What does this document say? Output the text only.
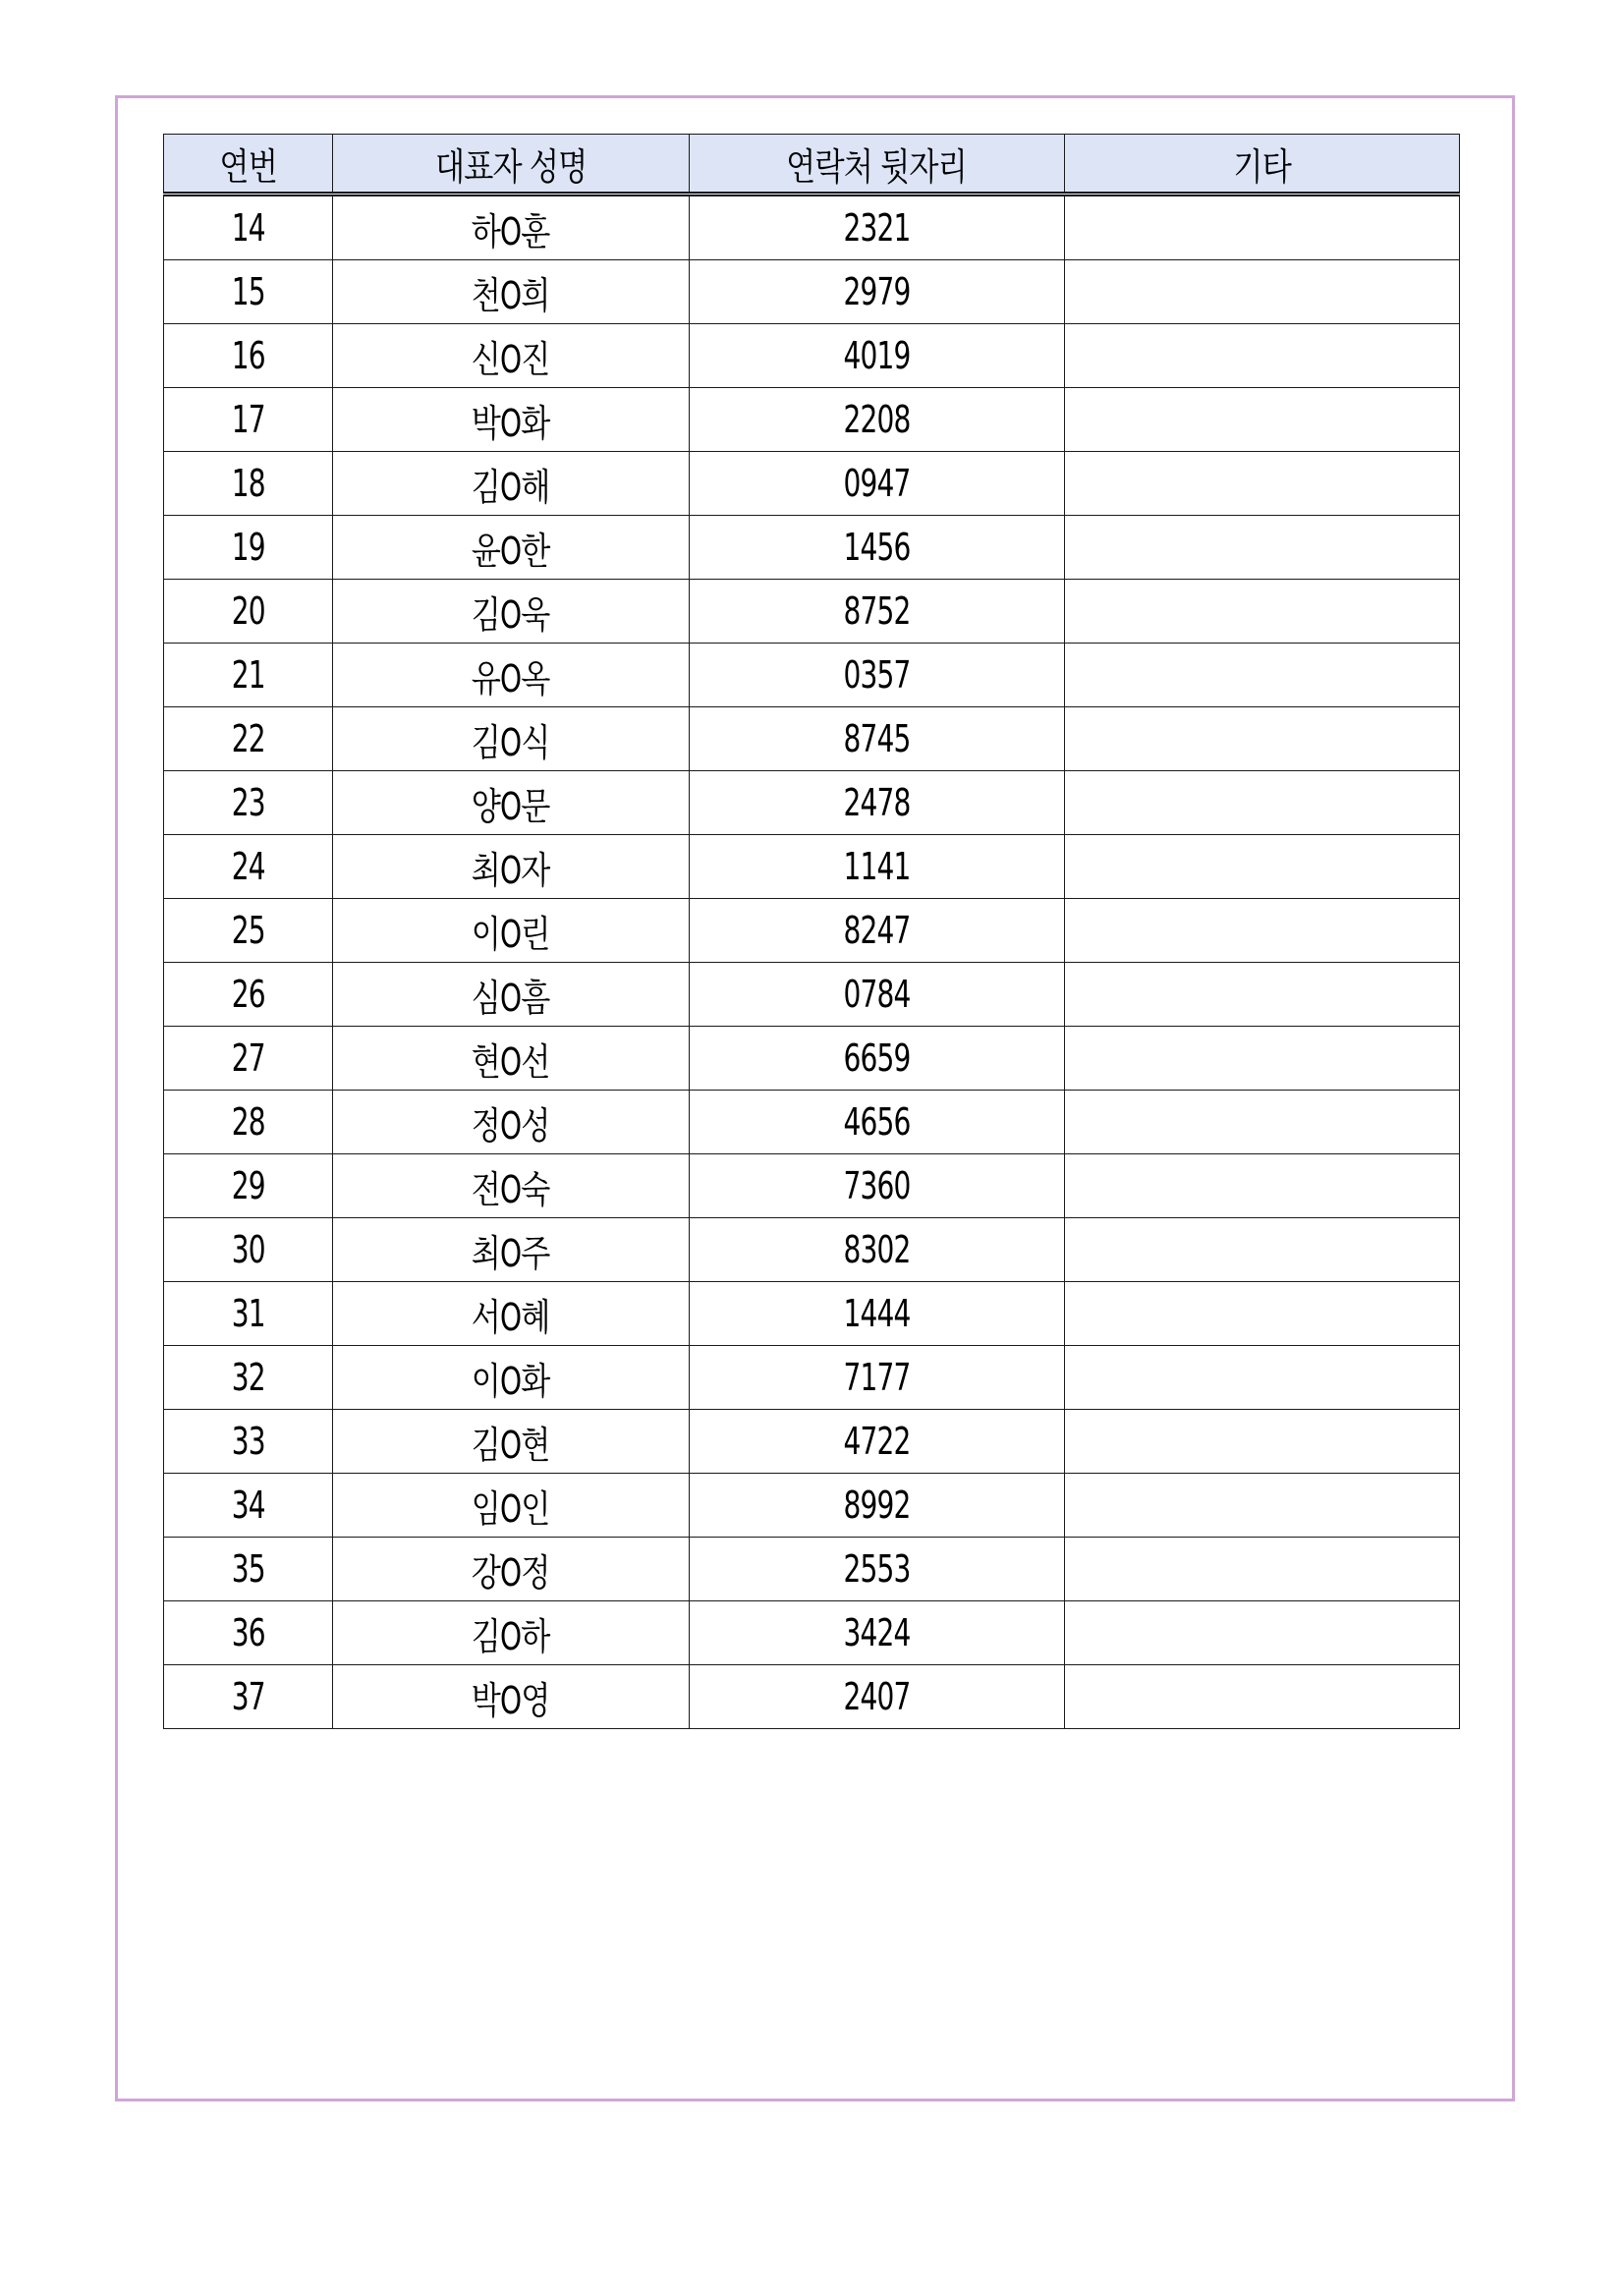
연번	대표자 성명	연락처 뒷자리	기타
14	하O훈	2321	
15	천O희	2979	
16	신O진	4019	
17	박O화	2208	
18	김O해	0947	
19	윤O한	1456	
20	김O욱	8752	
21	유O옥	0357	
22	김O식	8745	
23	양O문	2478	
24	최O자	1141	
25	이O린	8247	
26	심O흠	0784	
27	현O선	6659	
28	정O성	4656	
29	전O숙	7360	
30	최O주	8302	
31	서O혜	1444	
32	이O화	7177	
33	김O현	4722	
34	임O인	8992	
35	강O정	2553	
36	김O하	3424	
37	박O영	2407	
